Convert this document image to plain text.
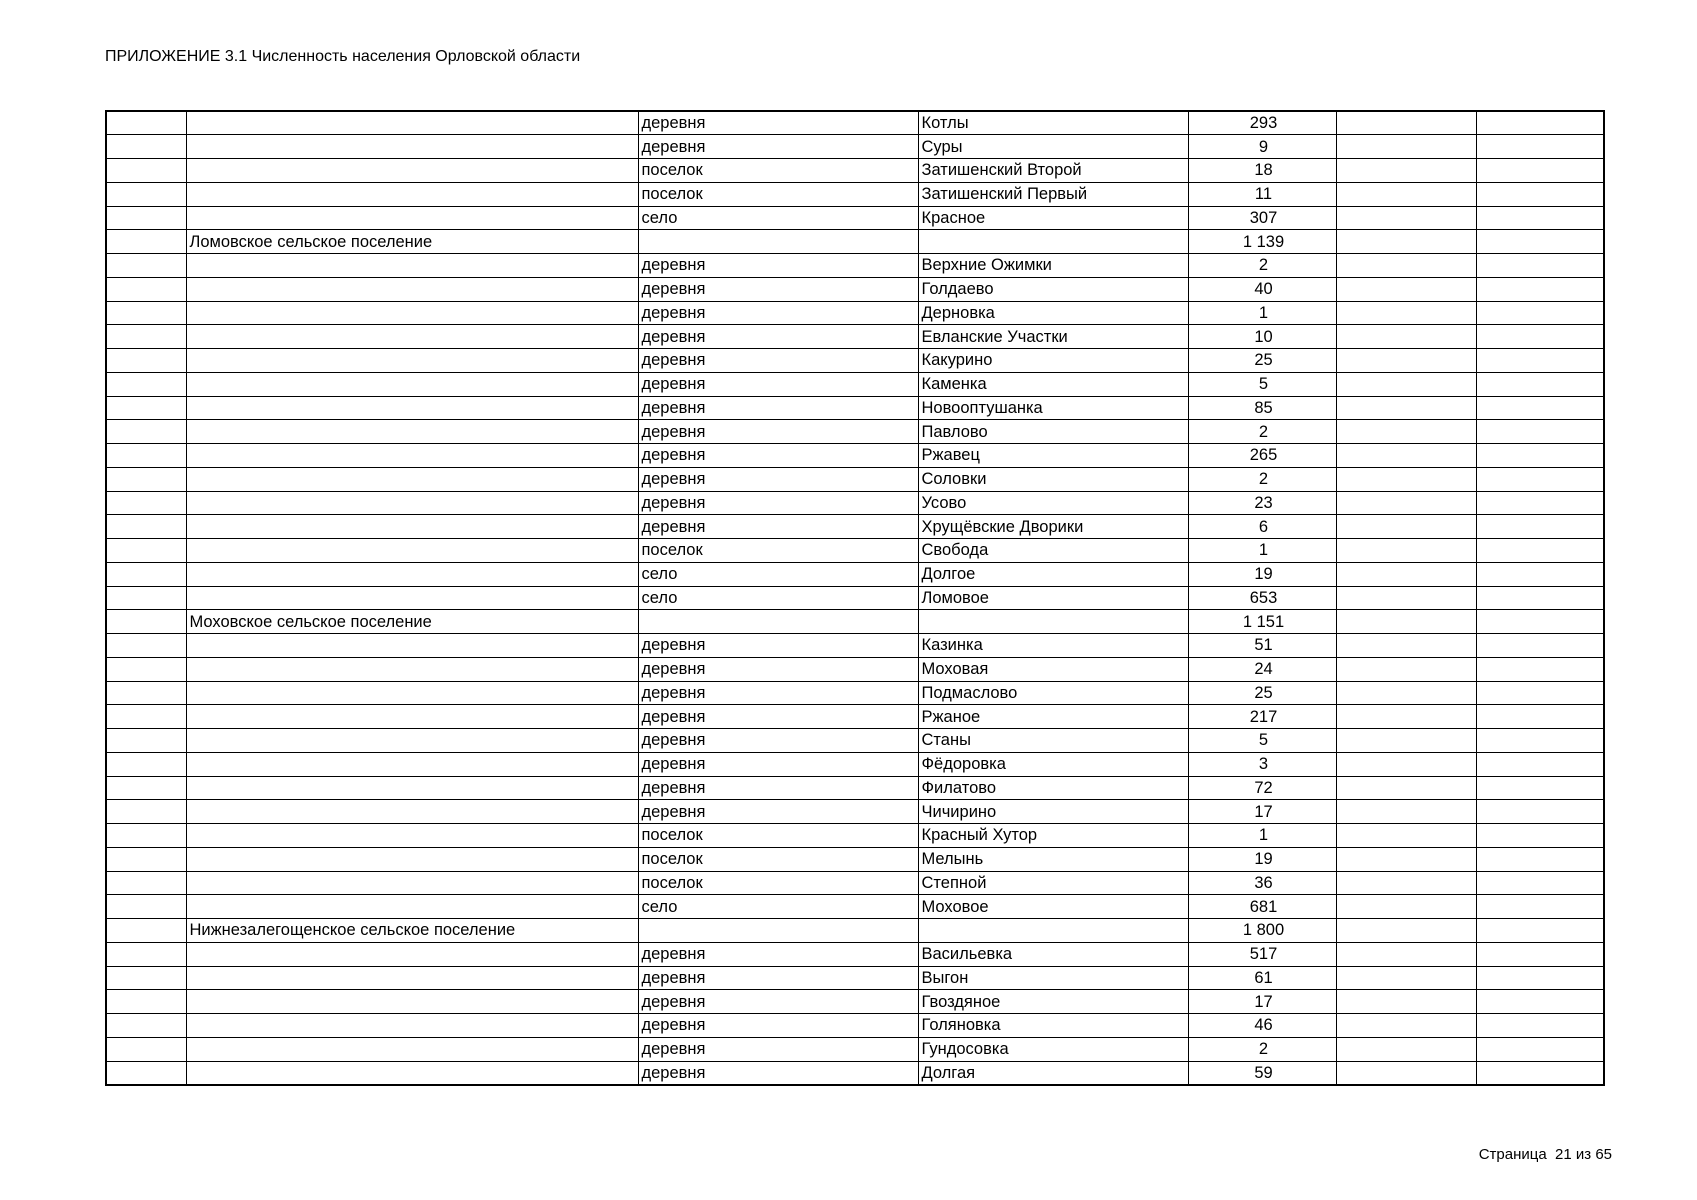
ПРИЛОЖЕНИЕ 3.1 Численность населения Орловской области
		деревня	Котлы	293		
		деревня	Суры	9		
		поселок	Затишенский Второй	18		
		поселок	Затишенский Первый	11		
		село	Красное	307		
	Ломовское сельское поселение			1 139		
		деревня	Верхние Ожимки	2		
		деревня	Голдаево	40		
		деревня	Дерновка	1		
		деревня	Евланские Участки	10		
		деревня	Какурино	25		
		деревня	Каменка	5		
		деревня	Новооптушанка	85		
		деревня	Павлово	2		
		деревня	Ржавец	265		
		деревня	Соловки	2		
		деревня	Усово	23		
		деревня	Хрущёвские Дворики	6		
		поселок	Свобода	1		
		село	Долгое	19		
		село	Ломовое	653		
	Моховское сельское поселение			1 151		
		деревня	Казинка	51		
		деревня	Моховая	24		
		деревня	Подмаслово	25		
		деревня	Ржаное	217		
		деревня	Станы	5		
		деревня	Фёдоровка	3		
		деревня	Филатово	72		
		деревня	Чичирино	17		
		поселок	Красный Хутор	1		
		поселок	Мелынь	19		
		поселок	Степной	36		
		село	Моховое	681		
	Нижнезалегощенское сельское поселение			1 800		
		деревня	Васильевка	517		
		деревня	Выгон	61		
		деревня	Гвоздяное	17		
		деревня	Голяновка	46		
		деревня	Гундосовка	2		
		деревня	Долгая	59		
Страница  21 из 65
